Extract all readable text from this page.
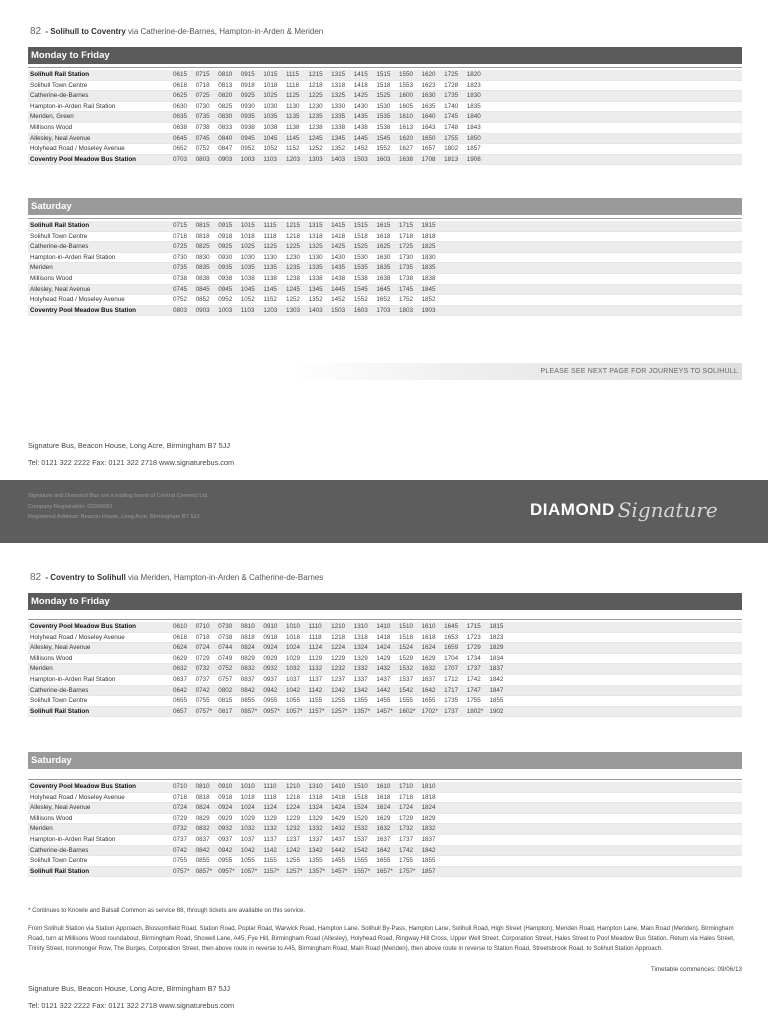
82 - Solihull to Coventry via Catherine-de-Barnes, Hampton-in-Arden & Meriden
Monday to Friday
Solihull Rail Station	0615	0715	0810	0915	1015	1115	1215	1315	1415	1515	1550	1620	1725	1820
Solihull Town Centre	0618	0718	0813	0918	1018	1118	1218	1318	1418	1518	1553	1623	1728	1823
Catherine-de-Barnes	0625	0725	0820	0925	1025	1125	1225	1325	1425	1525	1600	1630	1735	1830
Hampton-in-Arden Rail Station	0630	0730	0825	0930	1030	1130	1230	1330	1430	1530	1605	1635	1740	1835
Meriden, Green	0635	0735	0830	0935	1035	1135	1235	1335	1435	1535	1610	1640	1745	1840
Millisons Wood	0638	0738	0833	0938	1038	1138	1238	1338	1438	1538	1613	1643	1748	1843
Allesley, Neal Avenue	0645	0745	0840	0945	1045	1145	1245	1345	1445	1545	1620	1650	1755	1850
Holyhead Road / Moseley Avenue	0652	0752	0847	0952	1052	1152	1252	1352	1452	1552	1627	1657	1802	1857
Coventry Pool Meadow Bus Station	0703	0803	0903	1003	1103	1203	1303	1403	1503	1603	1638	1708	1813	1908
Saturday
Solihull Rail Station	0715	0815	0915	1015	1115	1215	1315	1415	1515	1615	1715	1815
Solihull Town Centre	0718	0818	0918	1018	1118	1218	1318	1418	1518	1618	1718	1818
Catherine-de-Barnes	0725	0825	0925	1025	1125	1225	1325	1425	1525	1625	1725	1825
Hampton-in-Arden Rail Station	0730	0830	0930	1030	1130	1230	1330	1430	1530	1630	1730	1830
Meriden	0735	0835	0935	1035	1135	1235	1335	1435	1535	1635	1735	1835
Millisons Wood	0738	0838	0938	1038	1138	1238	1338	1438	1538	1638	1738	1838
Allesley, Neal Avenue	0745	0845	0945	1045	1145	1245	1345	1445	1545	1645	1745	1845
Holyhead Road / Moseley Avenue	0752	0852	0952	1052	1152	1252	1352	1452	1552	1652	1752	1852
Coventry Pool Meadow Bus Station	0803	0903	1003	1103	1203	1303	1403	1503	1603	1703	1803	1903
PLEASE SEE NEXT PAGE FOR JOURNEYS TO SOLIHULL
Signature Bus, Beacon House, Long Acre, Birmingham B7 5JJ
Tel: 0121 322 2222 Fax: 0121 322 2718 www.signaturebus.com
Signature and Diamond Bus are a trading brand of Central Connect Ltd
Company Registration: 03306681
Registered Address: Beacon House, Long Acre, Birmingham B7 5JJ	DIAMOND Signature
82 - Coventry to Solihull via Meriden, Hampton-in-Arden & Catherine-de-Barnes
Monday to Friday
Coventry Pool Meadow Bus Station	0610	0710	0730	0810	0910	1010	1110	1210	1310	1410	1510	1610	1645	1715	1815
Holyhead Road / Moseley Avenue	0618	0718	0738	0818	0918	1018	1118	1218	1318	1418	1518	1618	1653	1723	1823
Allesley, Neal Avenue	0624	0724	0744	0824	0924	1024	1124	1224	1324	1424	1524	1624	1659	1729	1829
Millisons Wood	0629	0729	0749	0829	0929	1029	1129	1229	1329	1429	1529	1629	1704	1734	1834
Meriden	0632	0732	0752	0832	0932	1032	1132	1232	1332	1432	1532	1632	1707	1737	1837
Hampton-in-Arden Rail Station	0637	0737	0757	0837	0937	1037	1137	1237	1337	1437	1537	1637	1712	1742	1842
Catherine-de-Barnes	0642	0742	0802	0842	0942	1042	1142	1242	1342	1442	1542	1642	1717	1747	1847
Solihull Town Centre	0655	0755	0815	0855	0955	1055	1155	1255	1355	1455	1555	1655	1735	1755	1855
Solihull Rail Station	0657	0757* 0817	0857* 0957* 1057* 1157*	1257* 1357* 1457* 1602* 1702* 1737	1802* 1902
Saturday
Coventry Pool Meadow Bus Station	0710	0810	0910	1010	1110	1210	1310	1410	1510	1610	1710	1810
Holyhead Road / Moseley Avenue	0718	0818	0918	1018	1118	1218	1318	1418	1518	1618	1718	1818
Allesley, Neal Avenue	0724	0824	0924	1024	1124	1224	1324	1424	1524	1624	1724	1824
Millisons Wood	0729	0829	0929	1029	1129	1229	1329	1429	1529	1629	1729	1829
Meriden	0732	0832	0932	1032	1132	1232	1332	1432	1532	1632	1732	1832
Hampton-in-Arden Rail Station	0737	0837	0937	1037	1137	1237	1337	1437	1537	1637	1737	1837
Catherine-de-Barnes	0742	0842	0942	1042	1142	1242	1342	1442	1542	1642	1742	1842
Solihull Town Centre	0755	0855	0955	1055	1155	1255	1355	1455	1555	1655	1755	1855
Solihull Rail Station	0757* 0857* 0957* 1057* 1157*	1257* 1357* 1457* 1557* 1657* 1757* 1857
* Continues to Knowle and Balsall Common as service 88, through tickets are available on this service.
From Solihull Station via Station Approach, Blossomfield Road, Station Road, Poplar Road, Warwick Road, Hampton Lane, Solihull By-Pass, Hampton Lane, Solihull Road, High Street (Hampton), Meriden Road, Hampton Lane, Main Road (Meriden), Birmingham Road, turn at Millisons Wood roundabout, Birmingham Road, Showell Lane, A45, Fye Hill, Birmingham Road (Allesley), Holyhead Road, Ringway Hill Cross, Upper Well Street, Corporation Street, Hales Street to Pool Meadow Bus Station. Return via Hales Street, Trinity Street, Ironmonger Row, The Burges, Corporation Street, then above route in reverse to A45, Birmingham Road, Main Road (Meriden), then above route in reverse to Station Road, Streetsbrook Road, to Solihull Station Approach.
Timetable commences: 09/06/13
Signature Bus, Beacon House, Long Acre, Birmingham B7 5JJ
Tel: 0121 322 2222 Fax: 0121 322 2718 www.signaturebus.com
